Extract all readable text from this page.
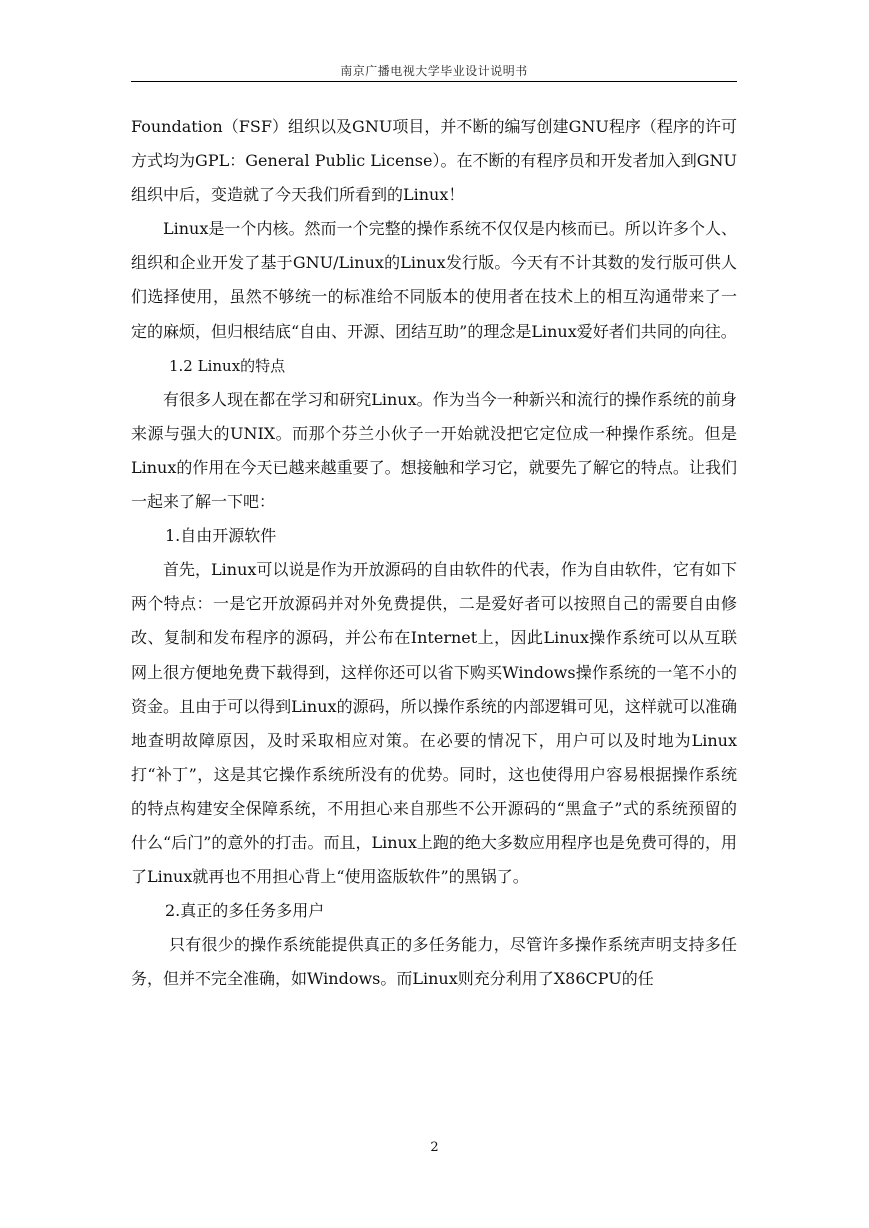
南京广播电视大学毕业设计说明书

Foundation（FSF）组织以及GNU项目，并不断的编写创建GNU程序（程序的许可方式均为GPL：General Public License）。在不断的有程序员和开发者加入到GNU组织中后，变造就了今天我们所看到的Linux！

Linux是一个内核。然而一个完整的操作系统不仅仅是内核而已。所以许多个人、组织和企业开发了基于GNU/Linux的Linux发行版。今天有不计其数的发行版可供人们选择使用，虽然不够统一的标准给不同版本的使用者在技术上的相互沟通带来了一定的麻烦，但归根结底“自由、开源、团结互助”的理念是Linux爱好者们共同的向往。

1.2 Linux的特点

有很多人现在都在学习和研究Linux。作为当今一种新兴和流行的操作系统的前身来源与强大的UNIX。而那个芬兰小伙子一开始就没把它定位成一种操作系统。但是Linux的作用在今天已越来越重要了。想接触和学习它，就要先了解它的特点。让我们一起来了解一下吧：

1.自由开源软件

首先，Linux可以说是作为开放源码的自由软件的代表，作为自由软件，它有如下两个特点：一是它开放源码并对外免费提供，二是爱好者可以按照自己的需要自由修改、复制和发布程序的源码，并公布在Internet上，因此Linux操作系统可以从互联网上很方便地免费下载得到，这样你还可以省下购买Windows操作系统的一笔不小的资金。且由于可以得到Linux的源码，所以操作系统的内部逻辑可见，这样就可以准确地查明故障原因，及时采取相应对策。在必要的情况下，用户可以及时地为Linux打“补丁”，这是其它操作系统所没有的优势。同时，这也使得用户容易根据操作系统的特点构建安全保障系统，不用担心来自那些不公开源码的“黑盒子”式的系统预留的什么“后门”的意外的打击。而且，Linux上跑的绝大多数应用程序也是免费可得的，用了Linux就再也不用担心背上“使用盗版软件”的黑锅了。

2.真正的多任务多用户

只有很少的操作系统能提供真正的多任务能力，尽管许多操作系统声明支持多任务，但并不完全准确，如Windows。而Linux则充分利用了X86CPU的任

2
